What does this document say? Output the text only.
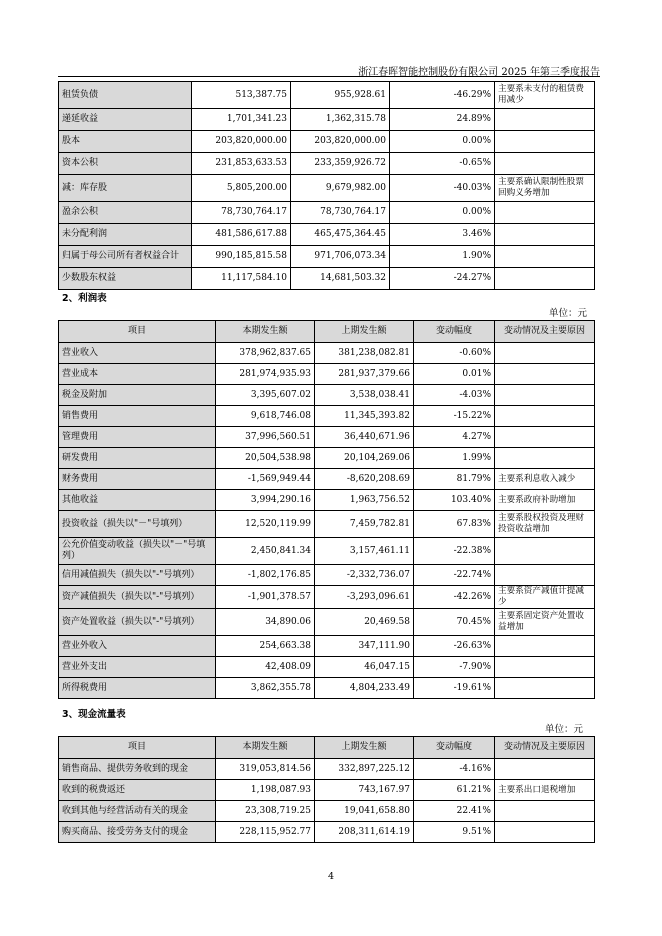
浙江春晖智能控制股份有限公司 2025 年第三季度报告
租赁负债	513,387.75	955,928.61	-46.29%	主要系未支付的租赁费用减少
递延收益	1,701,341.23	1,362,315.78	24.89%	
股本	203,820,000.00	203,820,000.00	0.00%	
资本公积	231,853,633.53	233,359,926.72	-0.65%	
减：库存股	5,805,200.00	9,679,982.00	-40.03%	主要系确认限制性股票回购义务增加
盈余公积	78,730,764.17	78,730,764.17	0.00%	
未分配利润	481,586,617.88	465,475,364.45	3.46%	
归属于母公司所有者权益合计	990,185,815.58	971,706,073.34	1.90%	
少数股东权益	11,117,584.10	14,681,503.32	-24.27%	
2、利润表
单位：元
项目	本期发生额	上期发生额	变动幅度	变动情况及主要原因
营业收入	378,962,837.65	381,238,082.81	-0.60%	
营业成本	281,974,935.93	281,937,379.66	0.01%	
税金及附加	3,395,607.02	3,538,038.41	-4.03%	
销售费用	9,618,746.08	11,345,393.82	-15.22%	
管理费用	37,996,560.51	36,440,671.96	4.27%	
研发费用	20,504,538.98	20,104,269.06	1.99%	
财务费用	-1,569,949.44	-8,620,208.69	81.79%	主要系利息收入减少
其他收益	3,994,290.16	1,963,756.52	103.40%	主要系政府补助增加
投资收益（损失以"－"号填列）	12,520,119.99	7,459,782.81	67.83%	主要系股权投资及理财投资收益增加
公允价值变动收益（损失以"－"号填列）	2,450,841.34	3,157,461.11	-22.38%	
信用减值损失（损失以"-"号填列）	-1,802,176.85	-2,332,736.07	-22.74%	
资产减值损失（损失以"-"号填列）	-1,901,378.57	-3,293,096.61	-42.26%	主要系资产减值计提减少
资产处置收益（损失以"-"号填列）	34,890.06	20,469.58	70.45%	主要系固定资产处置收益增加
营业外收入	254,663.38	347,111.90	-26.63%	
营业外支出	42,408.09	46,047.15	-7.90%	
所得税费用	3,862,355.78	4,804,233.49	-19.61%	
3、现金流量表
单位：元
项目	本期发生额	上期发生额	变动幅度	变动情况及主要原因
销售商品、提供劳务收到的现金	319,053,814.56	332,897,225.12	-4.16%	
收到的税费返还	1,198,087.93	743,167.97	61.21%	主要系出口退税增加
收到其他与经营活动有关的现金	23,308,719.25	19,041,658.80	22.41%	
购买商品、接受劳务支付的现金	228,115,952.77	208,311,614.19	9.51%	
4
